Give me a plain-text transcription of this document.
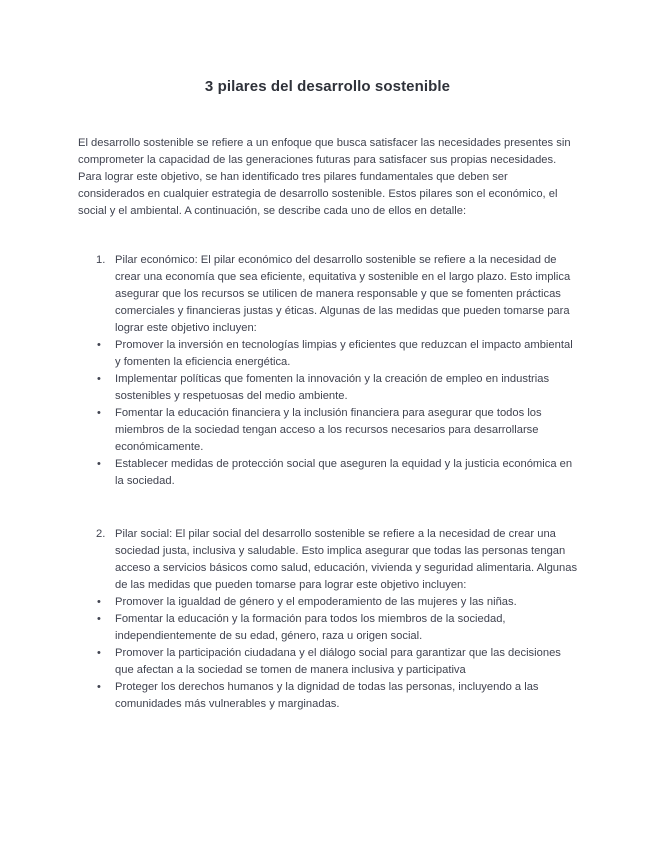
3 pilares del desarrollo sostenible
El desarrollo sostenible se refiere a un enfoque que busca satisfacer las necesidades presentes sin comprometer la capacidad de las generaciones futuras para satisfacer sus propias necesidades. Para lograr este objetivo, se han identificado tres pilares fundamentales que deben ser considerados en cualquier estrategia de desarrollo sostenible. Estos pilares son el económico, el social y el ambiental. A continuación, se describe cada uno de ellos en detalle:
1. Pilar económico: El pilar económico del desarrollo sostenible se refiere a la necesidad de crear una economía que sea eficiente, equitativa y sostenible en el largo plazo. Esto implica asegurar que los recursos se utilicen de manera responsable y que se fomenten prácticas comerciales y financieras justas y éticas. Algunas de las medidas que pueden tomarse para lograr este objetivo incluyen:
• Promover la inversión en tecnologías limpias y eficientes que reduzcan el impacto ambiental y fomenten la eficiencia energética.
• Implementar políticas que fomenten la innovación y la creación de empleo en industrias sostenibles y respetuosas del medio ambiente.
• Fomentar la educación financiera y la inclusión financiera para asegurar que todos los miembros de la sociedad tengan acceso a los recursos necesarios para desarrollarse económicamente.
• Establecer medidas de protección social que aseguren la equidad y la justicia económica en la sociedad.
2. Pilar social: El pilar social del desarrollo sostenible se refiere a la necesidad de crear una sociedad justa, inclusiva y saludable. Esto implica asegurar que todas las personas tengan acceso a servicios básicos como salud, educación, vivienda y seguridad alimentaria. Algunas de las medidas que pueden tomarse para lograr este objetivo incluyen:
• Promover la igualdad de género y el empoderamiento de las mujeres y las niñas.
• Fomentar la educación y la formación para todos los miembros de la sociedad, independientemente de su edad, género, raza u origen social.
• Promover la participación ciudadana y el diálogo social para garantizar que las decisiones que afectan a la sociedad se tomen de manera inclusiva y participativa
• Proteger los derechos humanos y la dignidad de todas las personas, incluyendo a las comunidades más vulnerables y marginadas.
